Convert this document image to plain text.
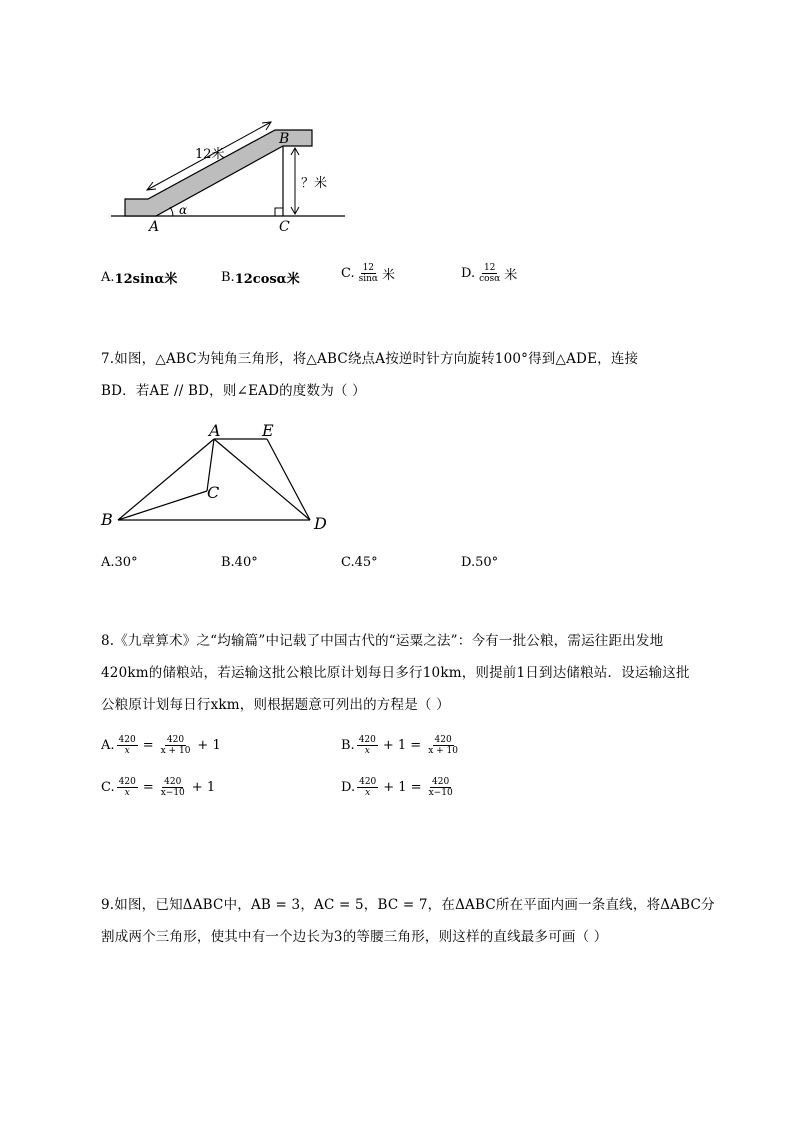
12米
？米
B
A	C
α
A. 12sinα米	B. 12cosα米	C. $\frac{12}{\sin\alpha}$ 米	D. $\frac{12}{\cos\alpha}$ 米
7.如图，△ABC为钝角三角形，将△ABC绕点A按逆时针方向旋转100°得到△ADE，连接
BD．若AE // BD，则∠EAD的度数为（ ）
A	E
C
B	D
A.30°	B.40°	C.45°	D.50°
8.《九章算术》之“均输篇”中记载了中国古代的“运粟之法”：今有一批公粮，需运往距出发地
420km的储粮站，若运输这批公粮比原计划每日多行10km，则提前1日到达储粮站．设运输这批
公粮原计划每日行xkm，则根据题意可列出的方程是（ ）
A. $\frac{420}{x} = \frac{420}{x + 10} + 1$	B. $\frac{420}{x} + 1 = \frac{420}{x + 10}$
C. $\frac{420}{x} = \frac{420}{x-10} + 1$	D. $\frac{420}{x} + 1 = \frac{420}{x-10}$
9.如图，已知ΔABC中，AB = 3，AC = 5，BC = 7，在ΔABC所在平面内画一条直线，将ΔABC分
割成两个三角形，使其中有一个边长为3的等腰三角形，则这样的直线最多可画（ ）
